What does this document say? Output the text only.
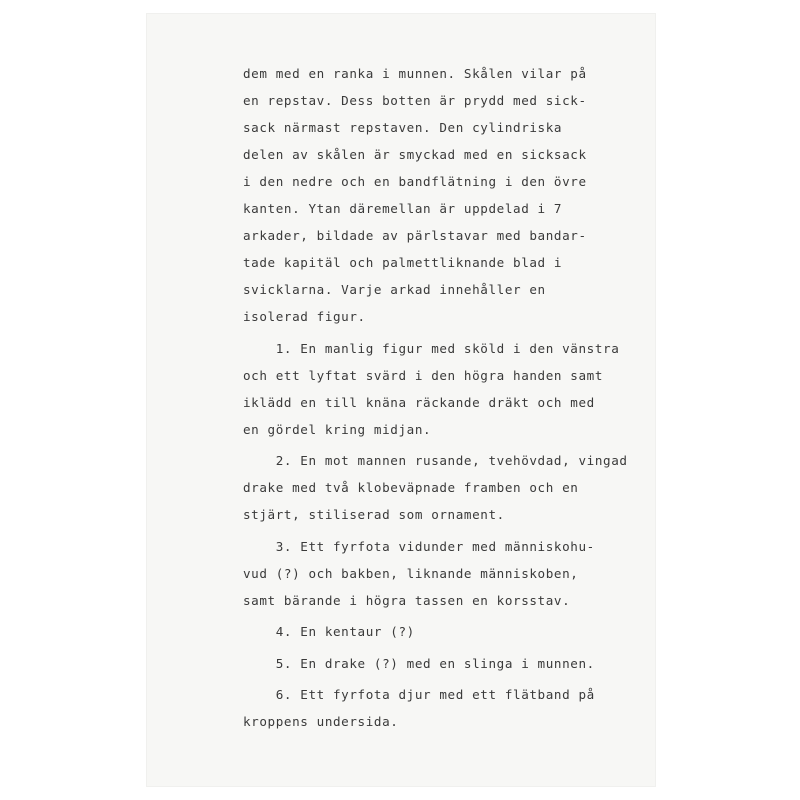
dem med en ranka i munnen. Skålen vilar på
en repstav. Dess botten är prydd med sick-
sack närmast repstaven. Den cylindriska
delen av skålen är smyckad med en sicksack
i den nedre och en bandflätning i den övre
kanten. Ytan däremellan är uppdelad i 7
arkader, bildade av pärlstavar med bandar-
tade kapitäl och palmettliknande blad i
svicklarna. Varje arkad innehåller en
isolerad figur.
1. En manlig figur med sköld i den vänstra
och ett lyftat svärd i den högra handen samt
iklädd en till knäna räckande dräkt och med
en gördel kring midjan.
2. En mot mannen rusande, tvehövdad, vingad
drake med två klobeväpnade framben och en
stjärt, stiliserad som ornament.
3. Ett fyrfota vidunder med människohu-
vud (?) och bakben, liknande människoben,
samt bärande i högra tassen en korsstav.
4. En kentaur (?)
5. En drake (?) med en slinga i munnen.
6. Ett fyrfota djur med ett flätband på
kroppens undersida.
